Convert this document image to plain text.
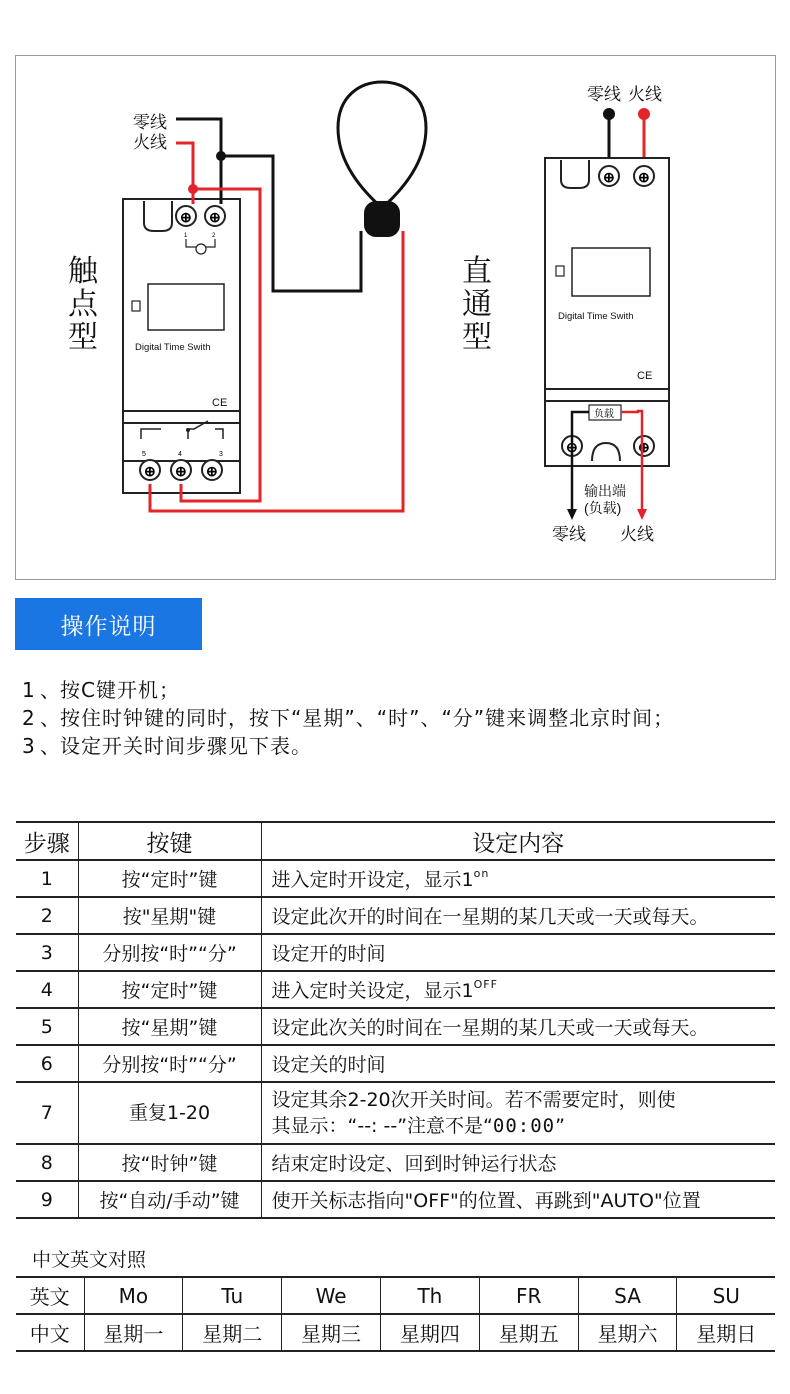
触
点
型
零线
火线
Digital Time Swith
CE
⊕ ⊕
1	2
5	4	3
⊕ ⊕ ⊕
直
通
型
零线 火线
⊕ ⊕
Digital Time Swith
CE
负载
⊕	⊕
输出端
(负载)
零线 火线
操作说明
1 、 按C键开机；
2 、 按住时钟键的同时，按下“星期”、“时”、“分”键来调整北京时间；
3 、 设定开关时间步骤见下表。
步骤	按键	设定内容
1	按“定时”键	进入定时开设定，显示$1^{on}$
2	按"星期"键	设定此次开的时间在一星期的某几天或一天或每天。
3	分别按“时”“分”	设定开的时间
4	按“定时”键	进入定时关设定，显示$1^{OFF}$
5	按“星期”键	设定此次关的时间在一星期的某几天或一天或每天。
6	分别按“时”“分”	设定关的时间
7	重复1-20	设定其余2-20次开关时间。若不需要定时，则使
其显示：“--: --”注意不是“00:00”

8	按“时钟”键	结束定时设定、回到时钟运行状态
9	按“自动/手动”键	使开关标志指向"OFF"的位置、再跳到"AUTO"位置
中文英文对照
英文	Mo	Tu	We	Th	FR	SA	SU
中文	星期一	星期二	星期三	星期四	星期五	星期六	星期日
